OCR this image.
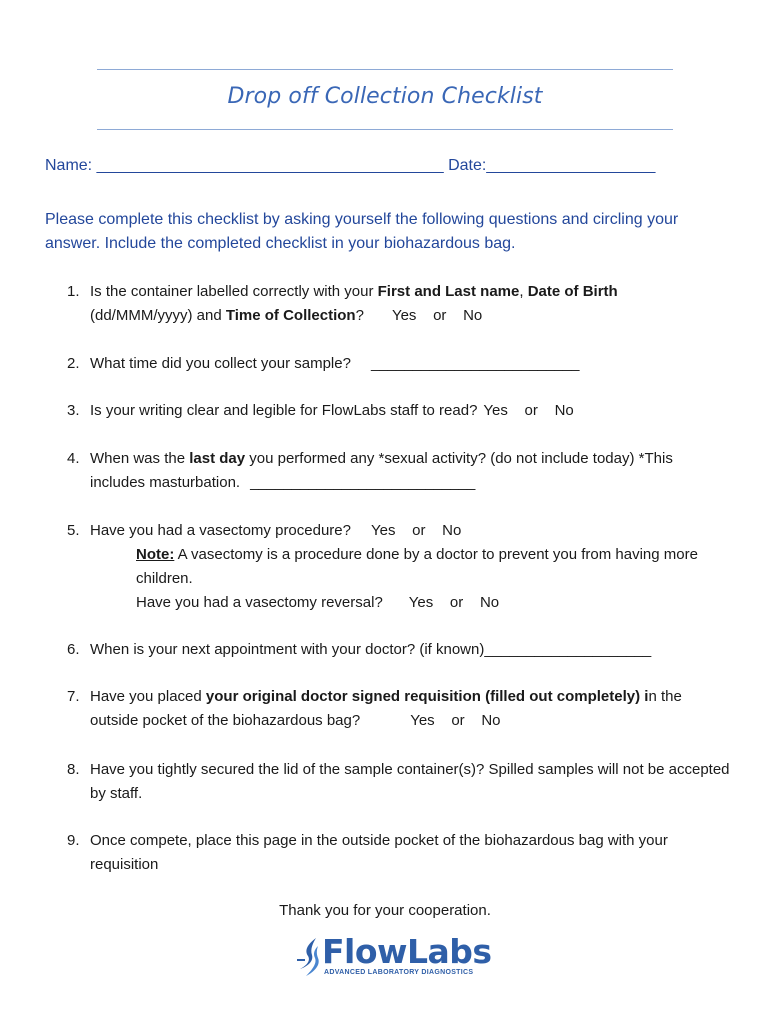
Drop off Collection Checklist
Name: _______________________________________ Date:___________________
Please complete this checklist by asking yourself the following questions and circling your answer. Include the completed checklist in your biohazardous bag.
1. Is the container labelled correctly with your First and Last name, Date of Birth
(dd/MMM/yyyy) and Time of Collection? Yes    or    No
2. What time did you collect your sample? _________________________
3. Is your writing clear and legible for FlowLabs staff to read? Yes    or    No
4. When was the last day you performed any *sexual activity? (do not include today) *This includes masturbation. ___________________________
5. Have you had a vasectomy procedure? Yes    or    No
Note: A vasectomy is a procedure done by a doctor to prevent you from having more children.
Have you had a vasectomy reversal? Yes    or    No
6. When is your next appointment with your doctor? (if known)____________________
7. Have you placed your original doctor signed requisition (filled out completely) in the outside pocket of the biohazardous bag?	Yes    or    No
8. Have you tightly secured the lid of the sample container(s)? Spilled samples will not be accepted by staff.
9. Once compete, place this page in the outside pocket of the biohazardous bag with your requisition
Thank you for your cooperation.
FlowLabs
ADVANCED LABORATORY DIAGNOSTICS
